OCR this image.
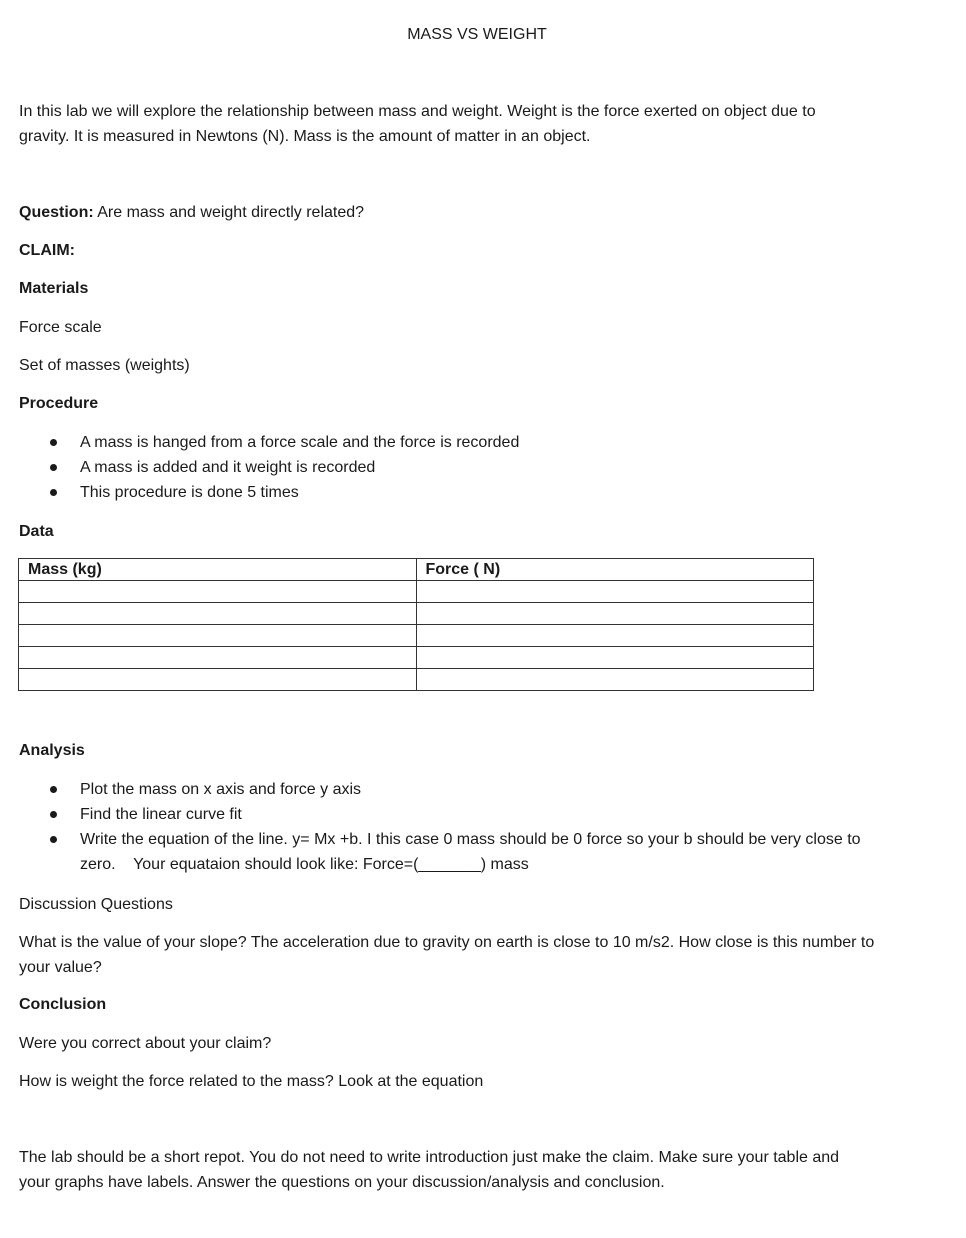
MASS VS WEIGHT
In this lab we will explore the relationship between mass and weight. Weight is the force exerted on object due to
gravity. It is measured in Newtons (N). Mass is the amount of matter in an object.
Question: Are mass and weight directly related?
CLAIM:
Materials
Force scale
Set of masses (weights)
Procedure
A mass is hanged from a force scale and the force is recorded
A mass is added and it weight is recorded
This procedure is done 5 times
Data
Mass (kg)	Force ( N)

Analysis
Plot the mass on x axis and force y axis
Find the linear curve fit
Write the equation of the line. y= Mx +b. I this case 0 mass should be 0 force so your b should be very close to
zero.    Your equataion should look like: Force=(_______) mass
Discussion Questions
What is the value of your slope? The acceleration due to gravity on earth is close to 10 m/s2. How close is this number to
your value?
Conclusion
Were you correct about your claim?
How is weight the force related to the mass? Look at the equation
The lab should be a short repot. You do not need to write introduction just make the claim. Make sure your table and
your graphs have labels. Answer the questions on your discussion/analysis and conclusion.
